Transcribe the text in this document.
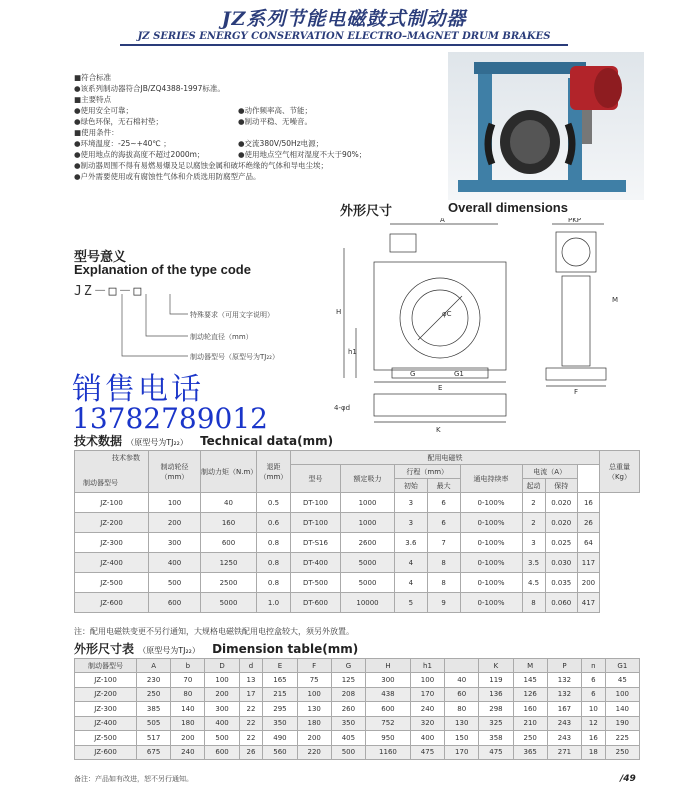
JZ系列节能电磁鼓式制动器
JZ SERIES ENERGY CONSERVATION ELECTRO–MAGNET DRUM BRAKES
■符合标准
●该系列制动器符合JB/ZQ4388-1997标准。
■主要特点
●使用安全可靠；	●动作频率高、节能；
●绿色环保，无石棉衬垫；	●制动平稳、无噪音。
■使用条件：
●环境温度：-25~+40℃ ；	●交流380V/50Hz电源；
●使用地点的海拔高度不超过2000m；	●使用地点空气相对湿度不大于90%；
●制动器周围不得有易燃易爆及足以腐蚀金属和破坏绝缘的气体和导电尘埃；
●户外需要使用或有腐蚀性气体和介质选用防腐型产品。
外形尺寸	Overall dimensions
A
H
h1
φC
G	G1
E
4-φd
K
PKP
M
F
型号意义
Explanation of the type code
JZ－□－□
特殊要求（可用文字说明）
制动轮直径（mm）
制动器型号（原型号为TJ₂₂）
销售电话
13782789012
技术数据 （原型号为TJ₂₂） Technical data(mm)
技术参数
制动器型号	制动轮径（mm）	制动力矩（N.m）	退距（mm）	配用电磁铁								总重量（Kg）
				型号	额定吸力	行程（mm）		通电持续率	电流（A）			
						初始	最大		起动	保持		
JZ-100	100	40	0.5	DT-100	1000	3	6	0-100%	2	0.020	16	
JZ-200	200	160	0.6	DT-100	1000	3	6	0-100%	2	0.020	26	
JZ-300	300	600	0.8	DT-S16	2600	3.6	7	0-100%	3	0.025	64	
JZ-400	400	1250	0.8	DT-400	5000	4	8	0-100%	3.5	0.030	117	
JZ-500	500	2500	0.8	DT-500	5000	4	8	0-100%	4.5	0.035	200	
JZ-600	600	5000	1.0	DT-600	10000	5	9	0-100%	8	0.060	417	
注：配用电磁铁变更不另行通知，大规格电磁铁配用电控盒较大，须另外放置。
外形尺寸表 （原型号为TJ₂₂） Dimension table(mm)
制动器型号	A	b	D	d	E	F	G	H	h1		K	M	P	n	G1
JZ-100	230	70	100	13	165	75	125	300	100	40	119	145	132	6	45
JZ-200	250	80	200	17	215	100	208	438	170	60	136	126	132	6	100
JZ-300	385	140	300	22	295	130	260	600	240	80	298	160	167	10	140
JZ-400	505	180	400	22	350	180	350	752	320	130	325	210	243	12	190
JZ-500	517	200	500	22	490	200	405	950	400	150	358	250	243	16	225
JZ-600	675	240	600	26	560	220	500	1160	475	170	475	365	271	18	250
备注：产品如有改进，恕不另行通知。	/49
